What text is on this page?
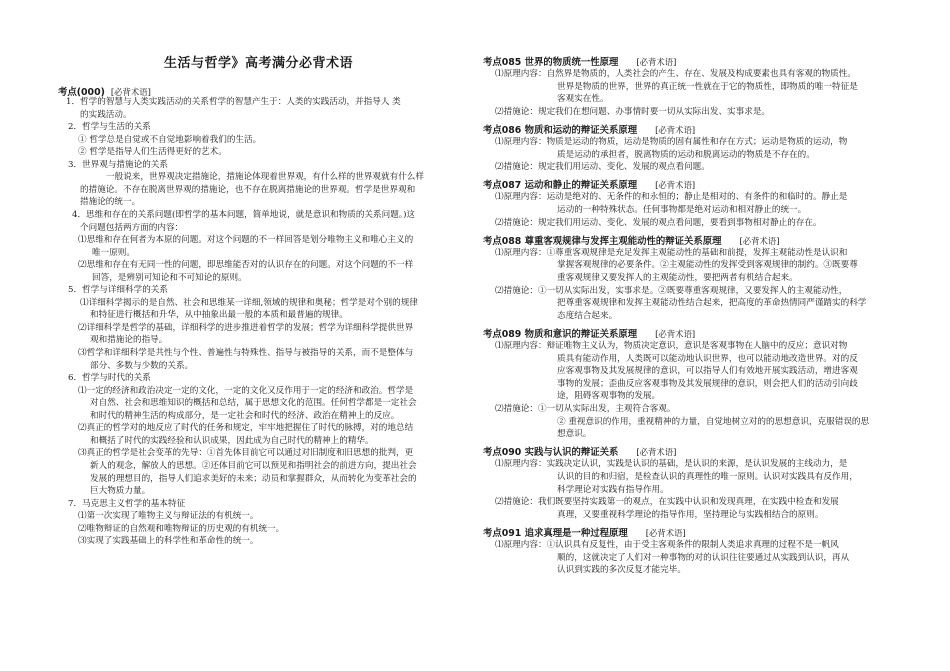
考点(000) [必背术语]
1．哲学的智慧与人类实践活动的关系哲学的智慧产生于：人类的实践活动，并指导人 类
的实践活动。
2．哲学与生活的关系
① 哲学总是自觉或不自觉地影响着我们的生活。
② 哲学是指导人们生活得更好的艺术。
3．世界观与措施论的关系
一般说来，世界观决定措施论，措施论体现着世界观，有什么样的世界观就有什么样
的措施论。不存在脱离世界观的措施论，也不存在脱离措施论的世界观。哲学是世界观和
措施论的统一。
4．思维和存在的关系问题(即哲学的基本问题，简单地说，就是意识和物质的关系问题。)这
个问题包括两方面的内容：
⑴思维和存在何者为本原的问题。对这个问题的不一样回答是划分唯物主义和唯心主义的
唯一原则。
⑵思维和存在有无同一性的问题，即思维能否对的认识存在的问题。对这个问题的不一样
回答，是辨别可知论和不可知论的原则。
5．哲学与详细科学的关系
⑴详细科学揭示的是自然、社会和思维某一详细,领域的规律和奥秘；哲学是对个别的规律
和特征进行概括和升华，从中抽象出最一般的本质和最普遍的规律。
⑵详细科学是哲学的基础，详细科学的进步推进着哲学的发展；哲学为详细科学提供世界
观和措施论的指导。
⑶哲学和详细科学是共性与个性、普遍性与特殊性、指导与被指导的关系，而不是整体与
部分、多数与少数的关系。
6．哲学与时代的关系
⑴一定的经济和政治决定一定的文化，一定的文化又反作用于一定的经济和政治。哲学是
对自然、社会和思维知识的概括和总结，属于思想文化的范围。任何哲学都是一定社会
和时代的精神生活的构成部分，是一定社会和时代的经济、政治在精神上的反应。
⑵真正的哲学对的地反应了时代的任务和规定，牢牢地把握住了时代的脉搏，对的地总结
和概括了时代的实践经验和认识成果，因此成为自己时代的精神上的精华。
⑶真正的哲学是社会变革的先导：①首先体目前它可以通过对旧制度和旧思想的批判，更
新人的观念，解放人的思想。②还体目前它可以预见和指明社会的前进方向，提出社会
发展的理想目的，指导人们追求美好的未来；动员和掌握群众，从而转化为变革社会的
巨大物质力量。
7．马克思主义哲学的基本特征
⑴第一次实现了唯物主义与辩证法的有机统一。
⑵唯物辩证的自然观和唯物辩证的历史观的有机统一。
⑶实现了实践基础上的科学性和革命性的统一。
考点085 世界的物质统一性原理 [必背术语]
⑴原理内容：自然界是物质的，人类社会的产生、存在、发展及构成要素也具有客观的物质性。
世界是物质的世界，世界的真正统一性就在于它的物质性，即物质的唯一特征是
客观实在性。
⑵措施论：规定我们在想问题、办事情时要一切从实际出发、实事求是。
考点086 物质和运动的辩证关系原理 [必背术语]
⑴原理内容：物质是运动的物质，运动是物质的固有属性和存在方式；运动是物质的运动，物
质是运动的承担者，脱离物质的运动和脱离运动的物质是不存在的。
⑵措施论：规定我们用运动、变化、发展的观点看问题。
考点087 运动和静止的辩证关系原理 [必背术语]
⑴原理内容：运动是绝对的、无条件的和永恒的；静止是相对的、有条件的和临时的。静止是
运动的一种特殊状态。任何事物都是绝对运动和相对静止的统一。
⑵措施论：规定我们用运动、变化、发展的观点看问题，要看到事物相对静止的存在。
考点088 尊重客观规律与发挥主观能动性的辩证关系原理 [必背术语]
⑴原理内容：①尊重客观规律是充足发挥主观能动性的基础和前提，发挥主观能动性是认识和
掌握客观规律的必要条件。②主观能动性的发挥受到客观规律的制约。③既要尊
重客观规律又要发挥人的主观能动性，要把两者有机结合起来。
⑵措施论：①一切从实际出发，实事求是。②既要尊重客观规律，又要发挥人的主观能动性，
把尊重客观规律和发挥主观能动性结合起来，把高度的革命热情同严谨踏实的科学
态度结合起来。
考点089 物质和意识的辩证关系原理 [必背术语]
⑴原理内容：辩证唯物主义认为，物质决定意识，意识是客观事物在人脑中的反应；意识对物
质具有能动作用，人类既可以能动地认识世界，也可以能动地改造世界。对的反
应客观事物及其发展规律的意识，可以指导人们有效地开展实践活动，增进客观
事物的发展；歪曲反应客观事物及其发展规律的意识，则会把人们的活动引向歧
途，阻碍客观事物的发展。
⑵措施论：①一切从实际出发，主观符合客观。
② 重视意识的作用，重视精神的力量，自觉地树立对的的思想意识，克服错误的思
想意识。
考点090 实践与认识的辩证关系 [必背术语]
⑴原理内容：实践决定认识，实践是认识的基础，是认识的来源，是认识发展的主线动力，是
认识的目的和归宿，是检查认识的真理性的唯一原则。认识对实践具有反作用，
科学理论对实践有指导作用。
⑵措施论：我们既要坚持实践第一的观点，在实践中认识和发现真理，在实践中检查和发展
真理，又要重视科学理论的指导作用，坚持理论与实践相结合的原则。
考点091 追求真理是一种过程原理 [必背术语]
⑴原理内容：①认识具有反复性，由于受主客观条件的限制人类追求真理的过程不是一帆风
顺的，这就决定了人们对一种事物的对的认识往往要通过从实践到认识，再从
认识到实践的多次反复才能完毕。
生活与哲学》高考满分必背术语
